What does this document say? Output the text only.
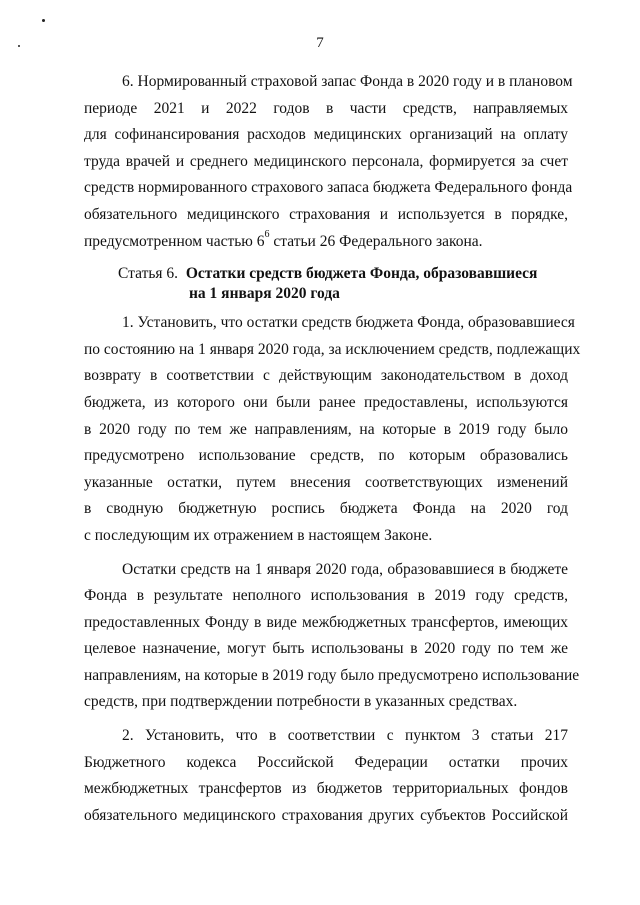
7
6. Нормированный страховой запас Фонда в 2020 году и в плановом
периоде 2021 и 2022 годов в части средств, направляемых
для софинансирования расходов медицинских организаций на оплату
труда врачей и среднего медицинского персонала, формируется за счет
средств нормированного страхового запаса бюджета Федерального фонда
обязательного медицинского страхования и используется в порядке,
предусмотренном частью $6^6$ статьи 26 Федерального закона.
Статья 6. Остатки средств бюджета Фонда, образовавшиеся
на 1 января 2020 года
1. Установить, что остатки средств бюджета Фонда, образовавшиеся
по состоянию на 1 января 2020 года, за исключением средств, подлежащих
возврату в соответствии с действующим законодательством в доход
бюджета, из которого они были ранее предоставлены, используются
в 2020 году по тем же направлениям, на которые в 2019 году было
предусмотрено использование средств, по которым образовались
указанные остатки, путем внесения соответствующих изменений
в сводную бюджетную роспись бюджета Фонда на 2020 год
с последующим их отражением в настоящем Законе.
Остатки средств на 1 января 2020 года, образовавшиеся в бюджете
Фонда в результате неполного использования в 2019 году средств,
предоставленных Фонду в виде межбюджетных трансфертов, имеющих
целевое назначение, могут быть использованы в 2020 году по тем же
направлениям, на которые в 2019 году было предусмотрено использование
средств, при подтверждении потребности в указанных средствах.
2. Установить, что в соответствии с пунктом 3 статьи 217
Бюджетного кодекса Российской Федерации остатки прочих
межбюджетных трансфертов из бюджетов территориальных фондов
обязательного медицинского страхования других субъектов Российской
